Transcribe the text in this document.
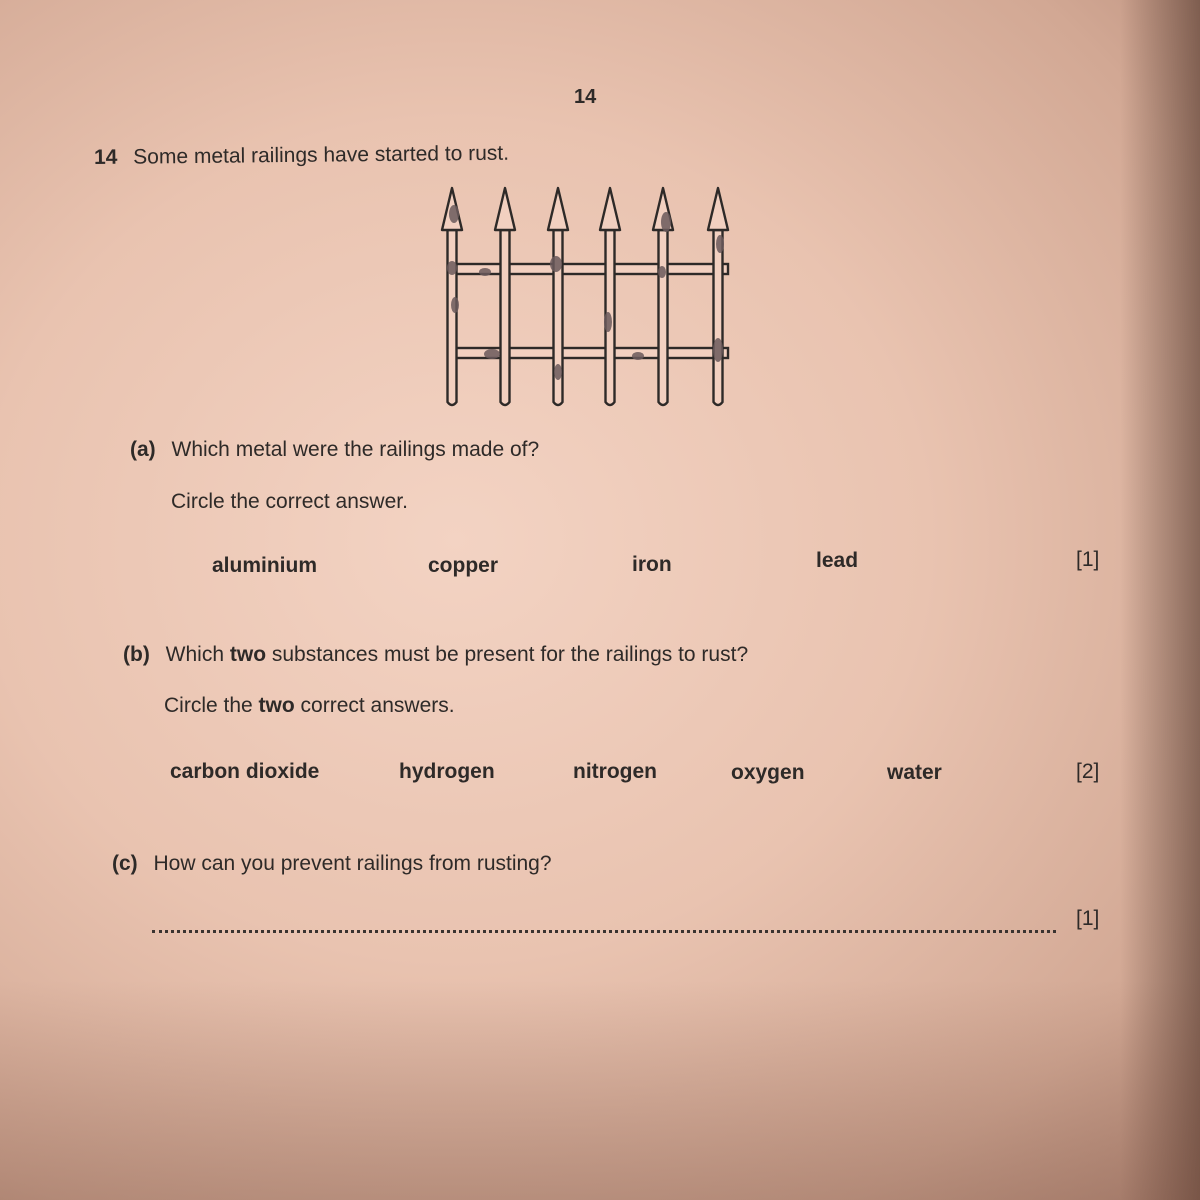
14
14 Some metal railings have started to rust.
(a) Which metal were the railings made of?
Circle the correct answer.
aluminium	copper	iron	lead	[1]
(b) Which two substances must be present for the railings to rust?
Circle the two correct answers.
carbon dioxide	hydrogen	nitrogen	oxygen	water	[2]
(c) How can you prevent railings from rusting?
[1]
